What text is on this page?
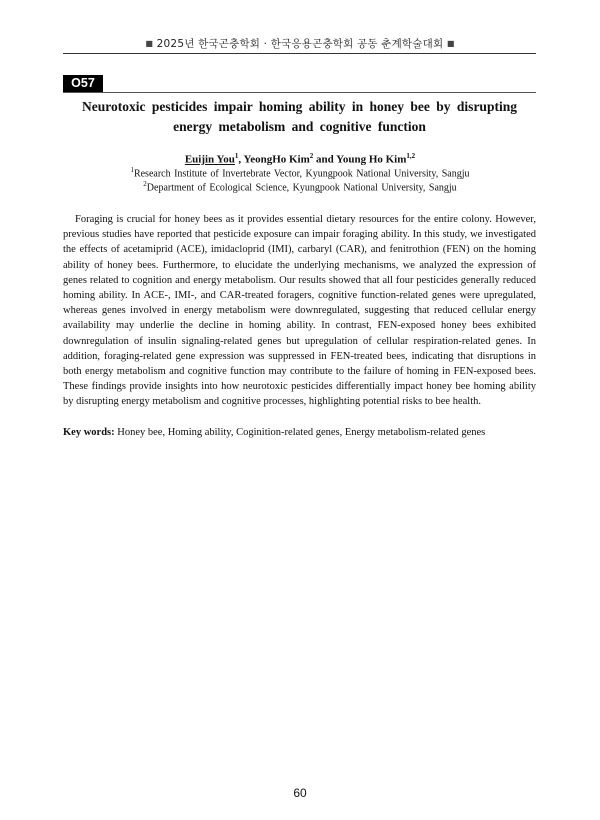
■ 2025년 한국곤충학회 · 한국응용곤충학회 공동 춘계학술대회 ■
O57
Neurotoxic pesticides impair homing ability in honey bee by disrupting energy metabolism and cognitive function
Euijin You$^1$, YeongHo Kim$^2$ and Young Ho Kim$^{1,2}$
$^1$Research Institute of Invertebrate Vector, Kyungpook National University, Sangju
$^2$Department of Ecological Science, Kyungpook National University, Sangju

Foraging is crucial for honey bees as it provides essential dietary resources for the entire colony. However, previous studies have reported that pesticide exposure can impair foraging ability. In this study, we investigated the effects of acetamiprid (ACE), imidacloprid (IMI), carbaryl (CAR), and fenitrothion (FEN) on the homing ability of honey bees. Furthermore, to elucidate the underlying mechanisms, we analyzed the expression of genes related to cognition and energy metabolism. Our results showed that all four pesticides generally reduced homing ability. In ACE-, IMI-, and CAR-treated foragers, cognitive function-related genes were upregulated, whereas genes involved in energy metabolism were downregulated, suggesting that reduced cellular energy availability may underlie the decline in homing ability. In contrast, FEN-exposed honey bees exhibited downregulation of insulin signaling-related genes but upregulation of cellular respiration-related genes. In addition, foraging-related gene expression was suppressed in FEN-treated bees, indicating that disruptions in both energy metabolism and cognitive function may contribute to the failure of homing in FEN-exposed bees. These findings provide insights into how neurotoxic pesticides differentially impact honey bee homing ability by disrupting energy metabolism and cognitive processes, highlighting potential risks to bee health.

Key words: Honey bee, Homing ability, Coginition-related genes, Energy metabolism-related genes
60
